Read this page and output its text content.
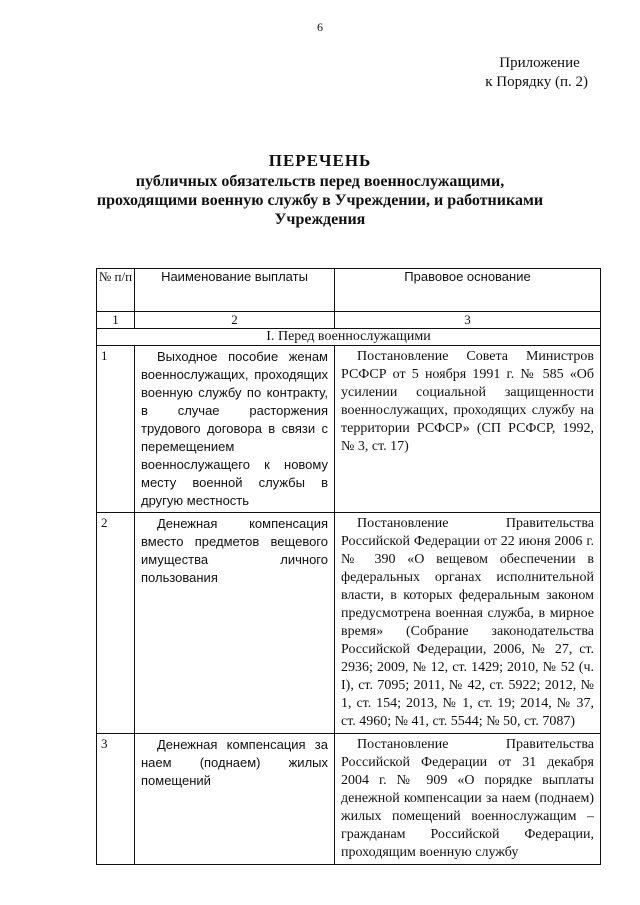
6
Приложение
к Порядку (п. 2)
ПЕРЕЧЕНЬ
публичных обязательств перед военнослужащими,
проходящими военную службу в Учреждении, и работниками
Учреждения
№ п/п	Наименование выплаты	Правовое основание
1	2	3
I. Перед военнослужащими		
1	Выходное пособие женам военнослужащих, проходящих военную службу по контракту, в случае расторжения трудового договора в связи с перемещением военнослужащего к новому месту военной службы в другую местность	Постановление Совета Министров РСФСР от 5 ноября 1991 г. № 585 «Об усилении социальной защищенности военнослужащих, проходящих службу на территории РСФСР» (СП РСФСР, 1992, № 3, ст. 17)
2	Денежная компенсация вместо предметов вещевого имущества личного пользования	Постановление Правительства Российской Федерации от 22 июня 2006 г. № 390 «О вещевом обеспечении в федеральных органах исполнительной власти, в которых федеральным законом предусмотрена военная служба, в мирное время» (Собрание законодательства Российской Федерации, 2006, № 27, ст. 2936; 2009, № 12, ст. 1429; 2010, № 52 (ч. I), ст. 7095; 2011, № 42, ст. 5922; 2012, № 1, ст. 154; 2013, № 1, ст. 19; 2014, № 37, ст. 4960; № 41, ст. 5544; № 50, ст. 7087)
3	Денежная компенсация за наем (поднаем) жилых помещений	Постановление Правительства Российской Федерации от 31 декабря 2004 г. № 909 «О порядке выплаты денежной компенсации за наем (поднаем) жилых помещений военнослужащим – гражданам Российской Федерации, проходящим военную службу
